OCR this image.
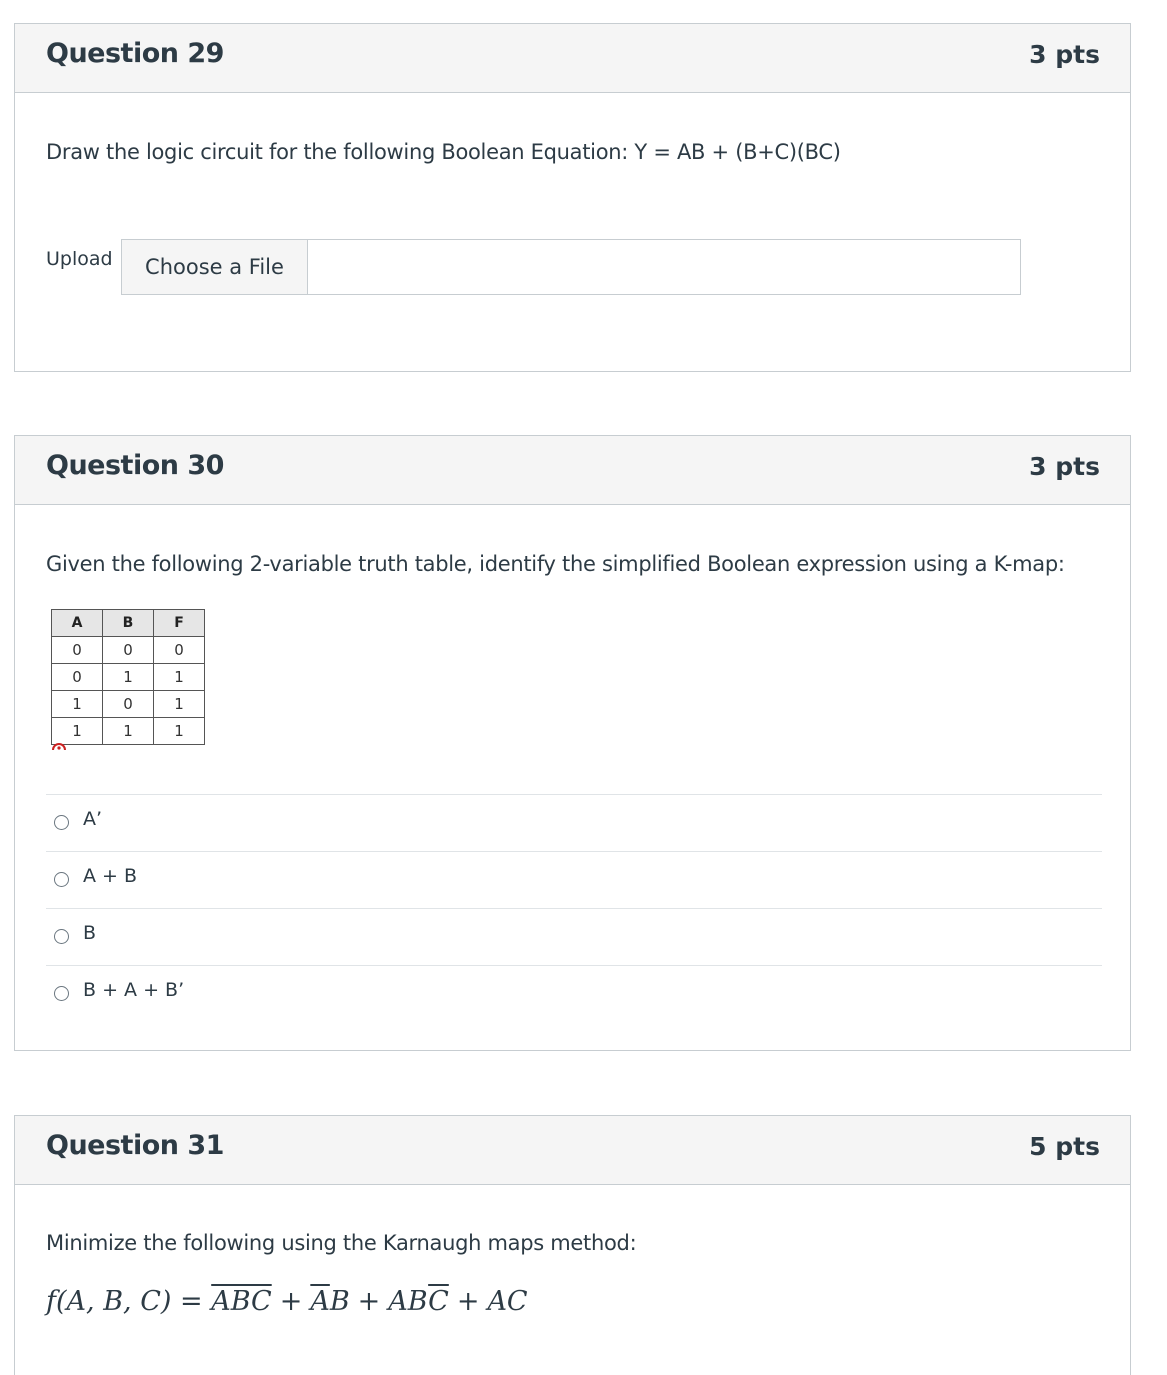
Question 29	3 pts
Draw the logic circuit for the following Boolean Equation: Y = AB + (B+C)(BC)
Upload	Choose a File
Question 30	3 pts
Given the following 2-variable truth table, identify the simplified Boolean expression using a K-map:
A	B	F
0	0	0
0	1	1
1	0	1
1	1	1
A’
A + B
B
B + A + B’
Question 31	5 pts
Minimize the following using the Karnaugh maps method:
f(A, B, $C) = \overline{ABC} + \overline{A}B + AB\overline{C}$ + AC
